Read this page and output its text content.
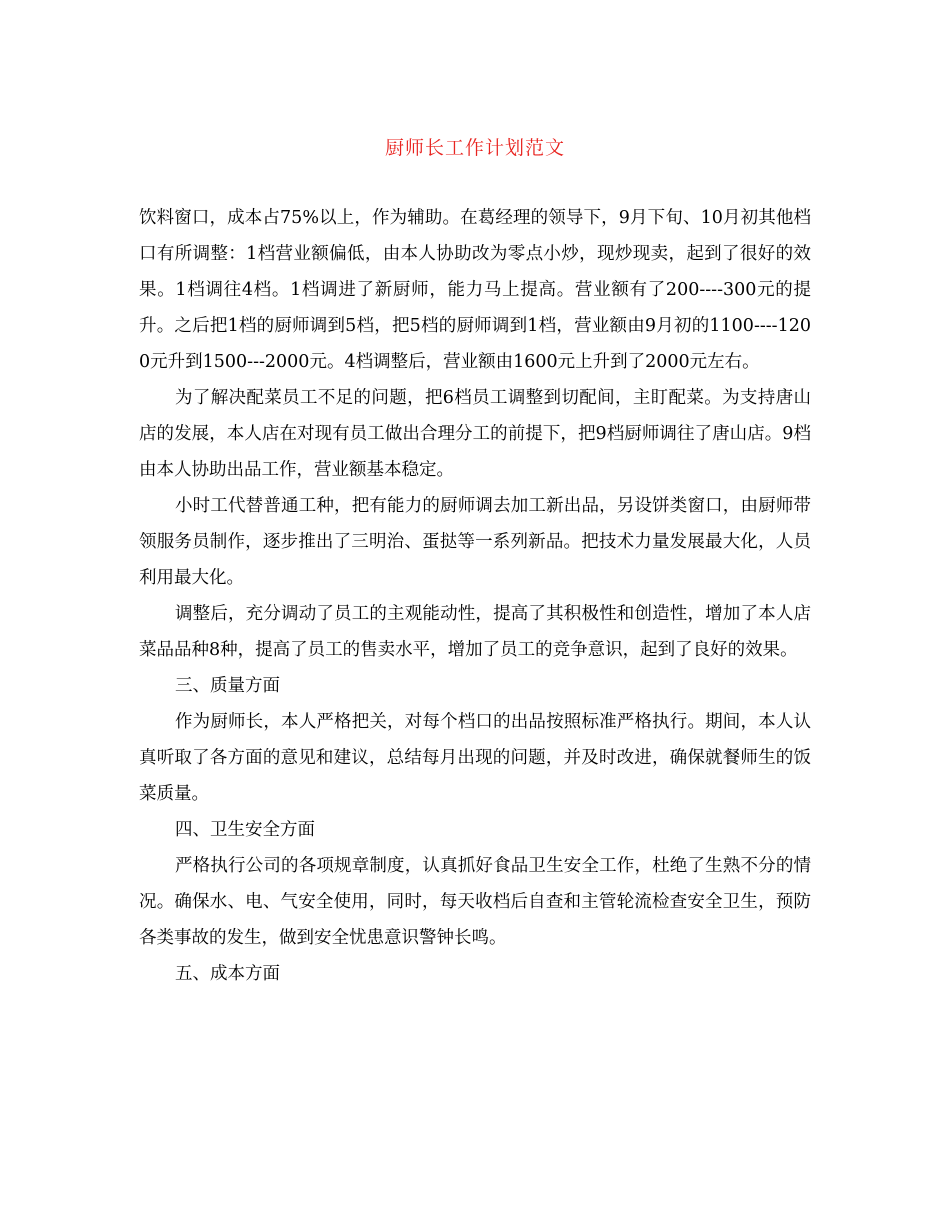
厨师长工作计划范文

饮料窗口，成本占75%以上，作为辅助。在葛经理的领导下，9月下旬、10月初其他档口有所调整：1档营业额偏低，由本人协助改为零点小炒，现炒现卖，起到了很好的效果。1档调往4档。1档调进了新厨师，能力马上提高。营业额有了200----300元的提升。之后把1档的厨师调到5档，把5档的厨师调到1档，营业额由9月初的1100----1200元升到1500---2000元。4档调整后，营业额由1600元上升到了2000元左右。

为了解决配菜员工不足的问题，把6档员工调整到切配间，主盯配菜。为支持唐山店的发展，本人店在对现有员工做出合理分工的前提下，把9档厨师调往了唐山店。9档由本人协助出品工作，营业额基本稳定。

小时工代替普通工种，把有能力的厨师调去加工新出品，另设饼类窗口，由厨师带领服务员制作，逐步推出了三明治、蛋挞等一系列新品。把技术力量发展最大化，人员利用最大化。

调整后，充分调动了员工的主观能动性，提高了其积极性和创造性，增加了本人店菜品品种8种，提高了员工的售卖水平，增加了员工的竞争意识，起到了良好的效果。

三、质量方面

作为厨师长，本人严格把关，对每个档口的出品按照标准严格执行。期间，本人认真听取了各方面的意见和建议，总结每月出现的问题，并及时改进，确保就餐师生的饭菜质量。

四、卫生安全方面

严格执行公司的各项规章制度，认真抓好食品卫生安全工作，杜绝了生熟不分的情况。确保水、电、气安全使用，同时，每天收档后自查和主管轮流检查安全卫生，预防各类事故的发生，做到安全忧患意识警钟长鸣。

五、成本方面
